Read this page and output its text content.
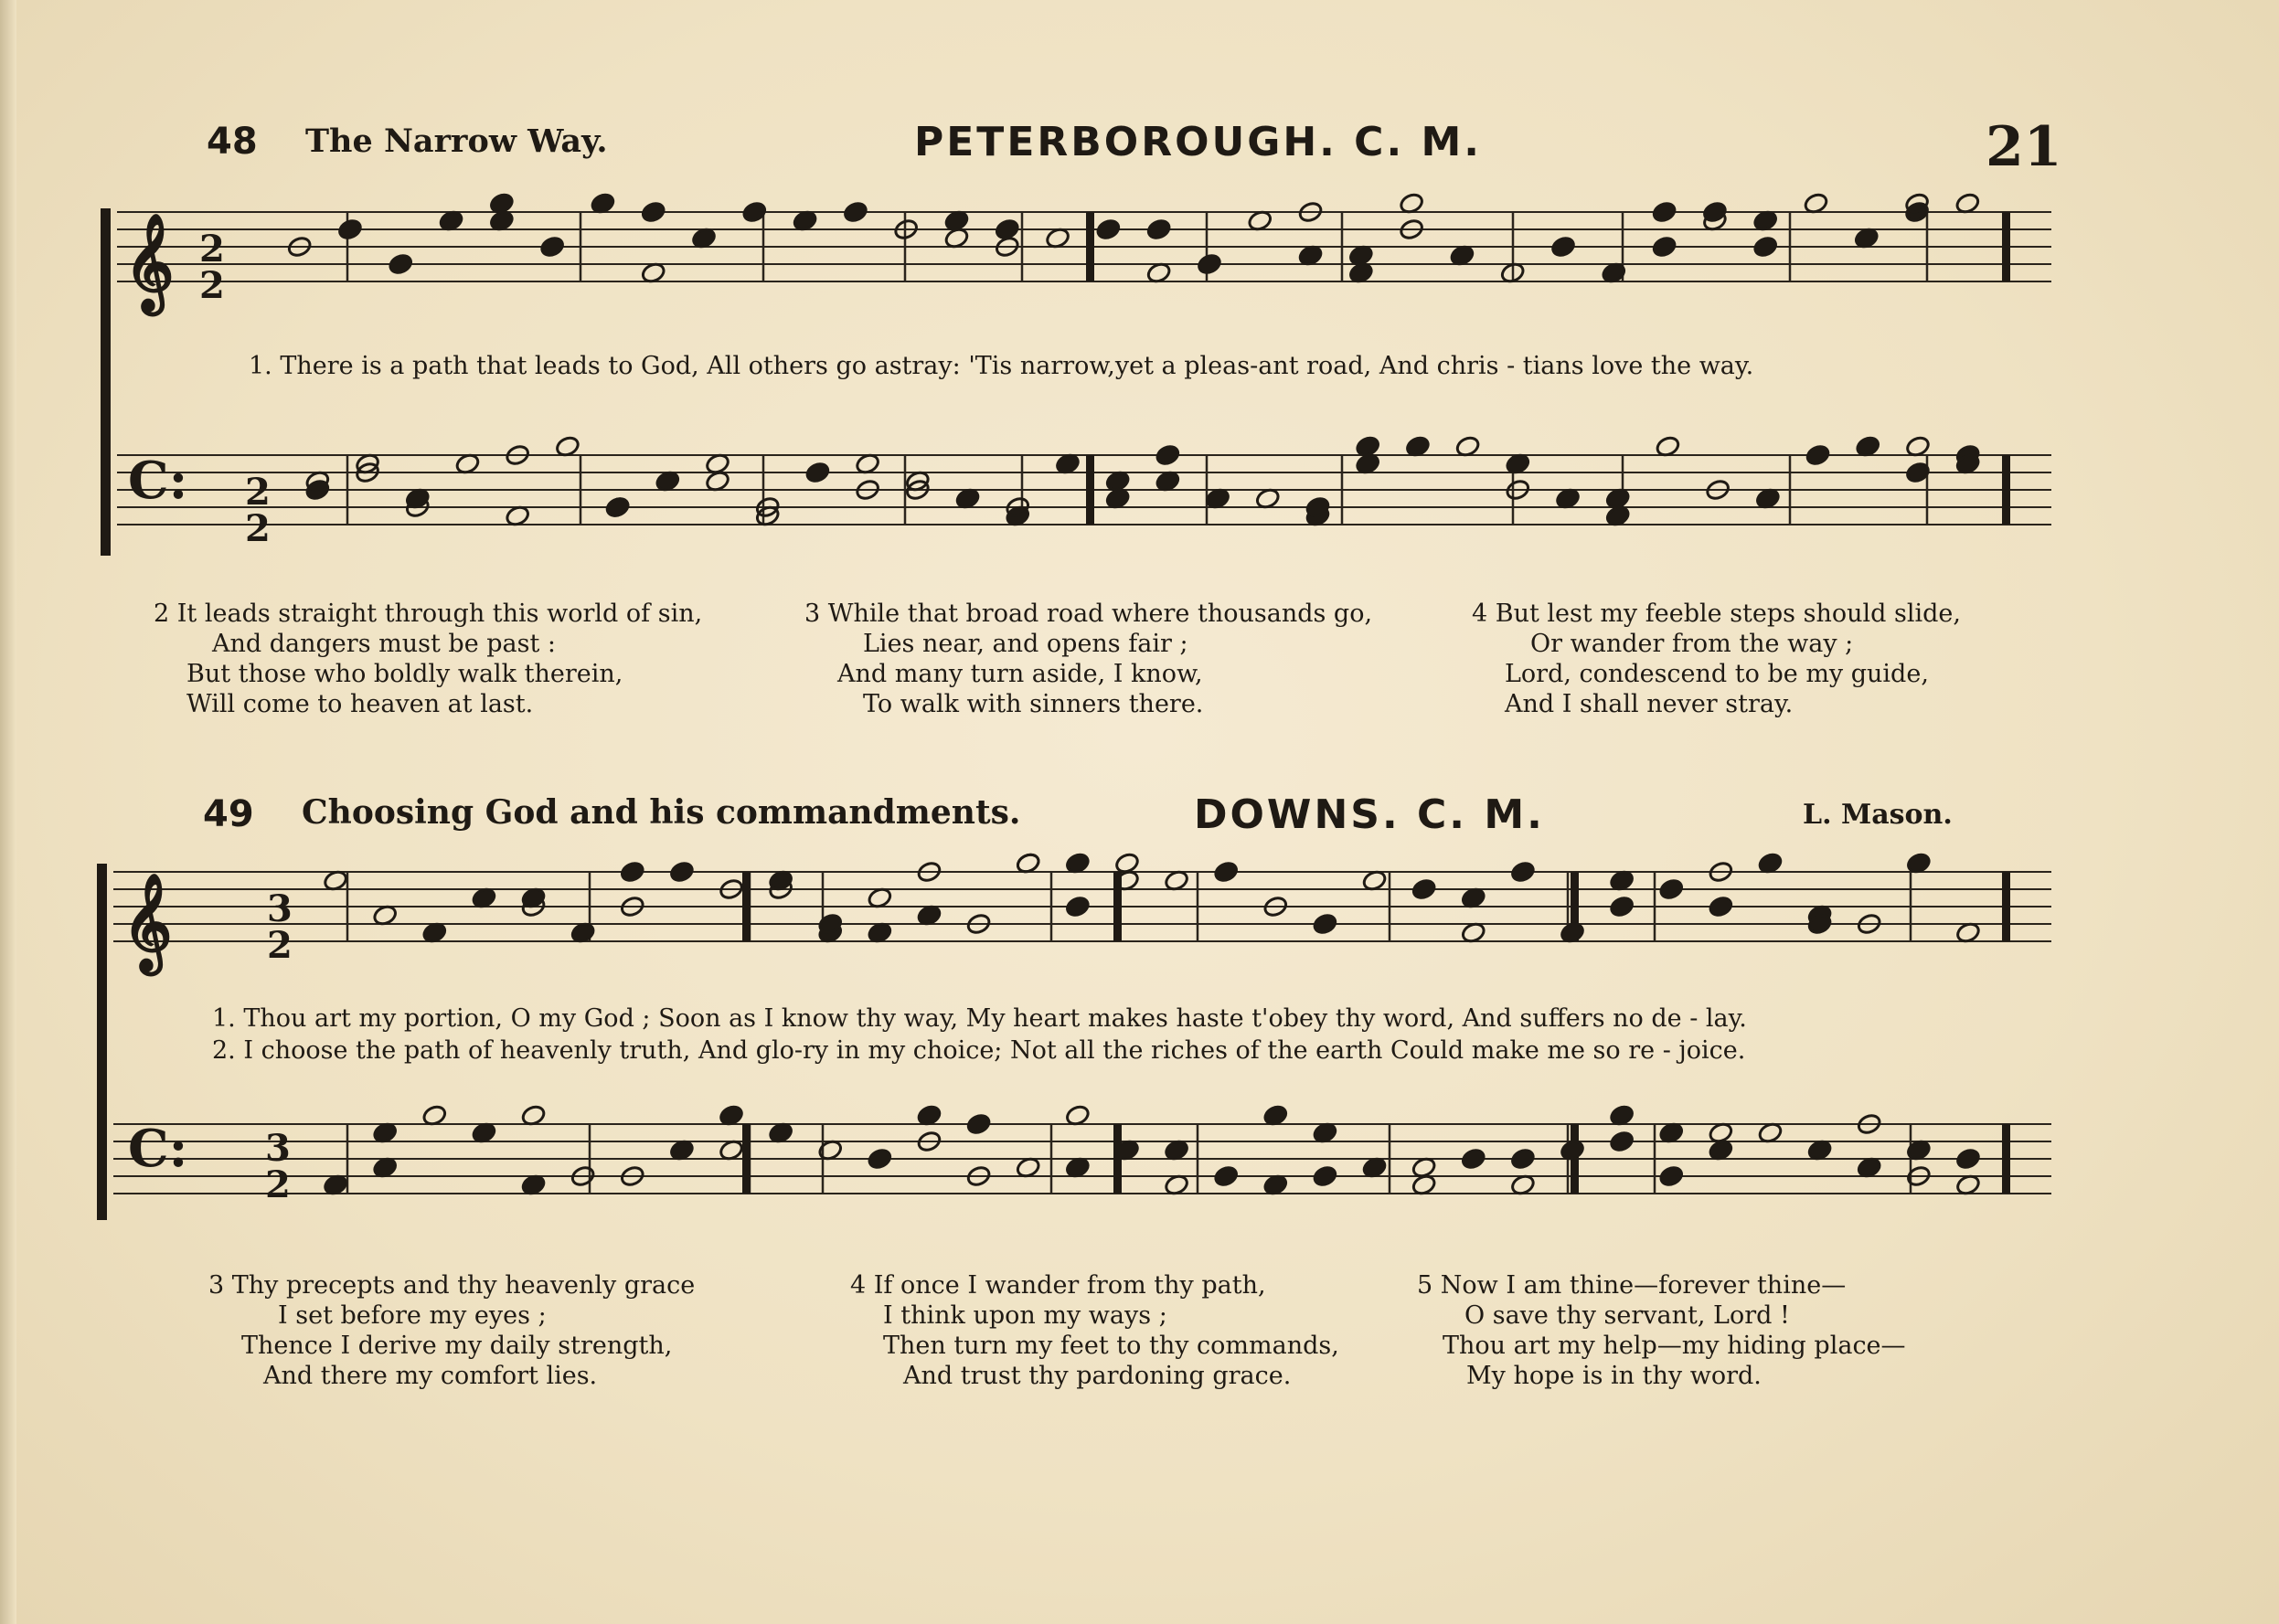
48 The Narrow Way.	PETERBOROUGH. C. M.	21
𝄞 2
2
C: 2
2
1. There is a path that leads to God, All others go astray: 'Tis narrow,yet a pleas-ant road, And chris - tians love the way.
2 It leads straight through this world of sin,
And dangers must be past :
But those who boldly walk therein,
Will come to heaven at last.
3 While that broad road where thousands go,
Lies near, and opens fair ;
And many turn aside, I know,
To walk with sinners there.
4 But lest my feeble steps should slide,
Or wander from the way ;
Lord, condescend to be my guide,
And I shall never stray.
49 Choosing God and his commandments.	DOWNS. C. M.	L. Mason.
𝄞	3
2
C: 3
2
1. Thou art my portion, O my God ; Soon as I know thy way, My heart makes haste t'obey thy word, And suffers no de - lay.
2. I choose the path of heavenly truth, And glo-ry in my choice; Not all the riches of the earth Could make me so re - joice.
3 Thy precepts and thy heavenly grace
I set before my eyes ;
Thence I derive my daily strength,
And there my comfort lies.
4 If once I wander from thy path,
I think upon my ways ;
Then turn my feet to thy commands,
And trust thy pardoning grace.
5 Now I am thine—forever thine—
O save thy servant, Lord !
Thou art my help—my hiding place—
My hope is in thy word.
